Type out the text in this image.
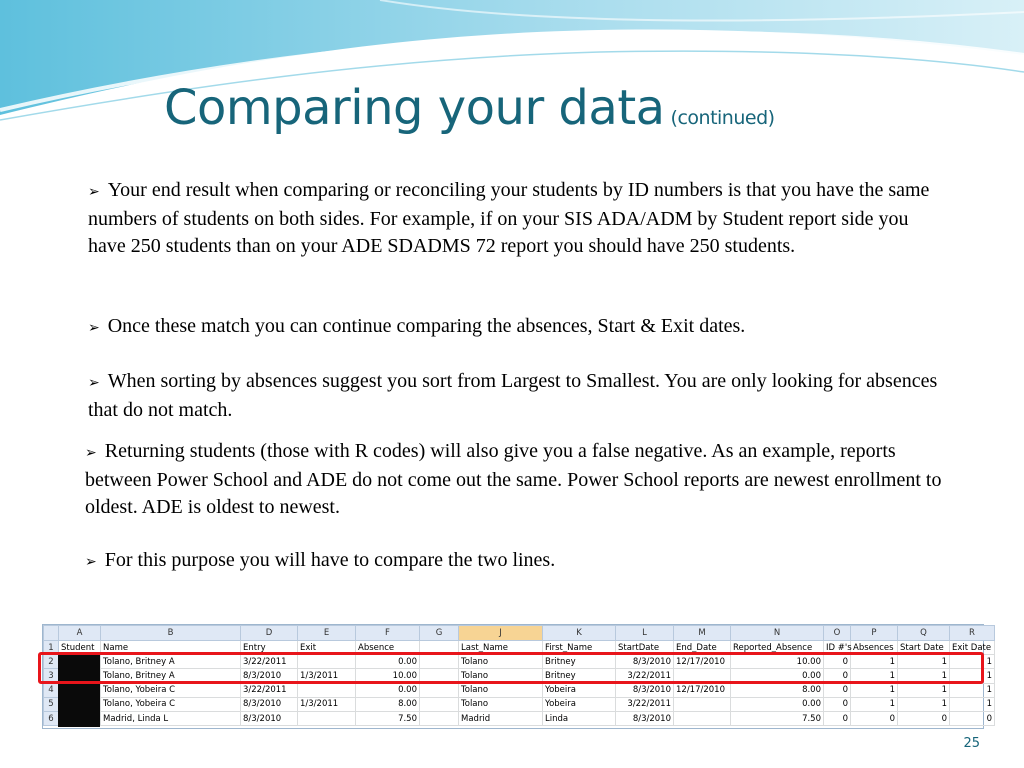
Comparing your data (continued)

➢ Your end result when comparing or reconciling your students by ID numbers is that you have the same numbers of students on both sides. For example, if on your SIS ADA/ADM by Student report side you have 250 students than on your ADE SDADMS 72 report you should have 250 students.

➢ Once these match you can continue comparing the absences, Start & Exit dates.

➢ When sorting by absences suggest you sort from Largest to Smallest. You are only looking for absences that do not match.

➢ Returning students (those with R codes) will also give you a false negative. As an example, reports between Power School and ADE do not come out the same. Power School reports are newest enrollment to oldest. ADE is oldest to newest.

➢ For this purpose you will have to compare the two lines.

	A	B	D	E	F	G	J	K	L	M	N	O	P	Q	R
1	Student	Name	Entry	Exit	Absence		Last_Name	First_Name	StartDate	End_Date	Reported_Absence	ID #'s	Absences	Start Date	Exit Date
2		Tolano, Britney A	3/22/2011		0.00		Tolano	Britney	8/3/2010	12/17/2010	10.00	0	1	1	1
3		Tolano, Britney A	8/3/2010	1/3/2011	10.00		Tolano	Britney	3/22/2011		0.00	0	1	1	1
4		Tolano, Yobeira C	3/22/2011		0.00		Tolano	Yobeira	8/3/2010	12/17/2010	8.00	0	1	1	1
5		Tolano, Yobeira C	8/3/2010	1/3/2011	8.00		Tolano	Yobeira	3/22/2011		0.00	0	1	1	1
6		Madrid, Linda L	8/3/2010		7.50		Madrid	Linda	8/3/2010		7.50	0	0	0	0
25
